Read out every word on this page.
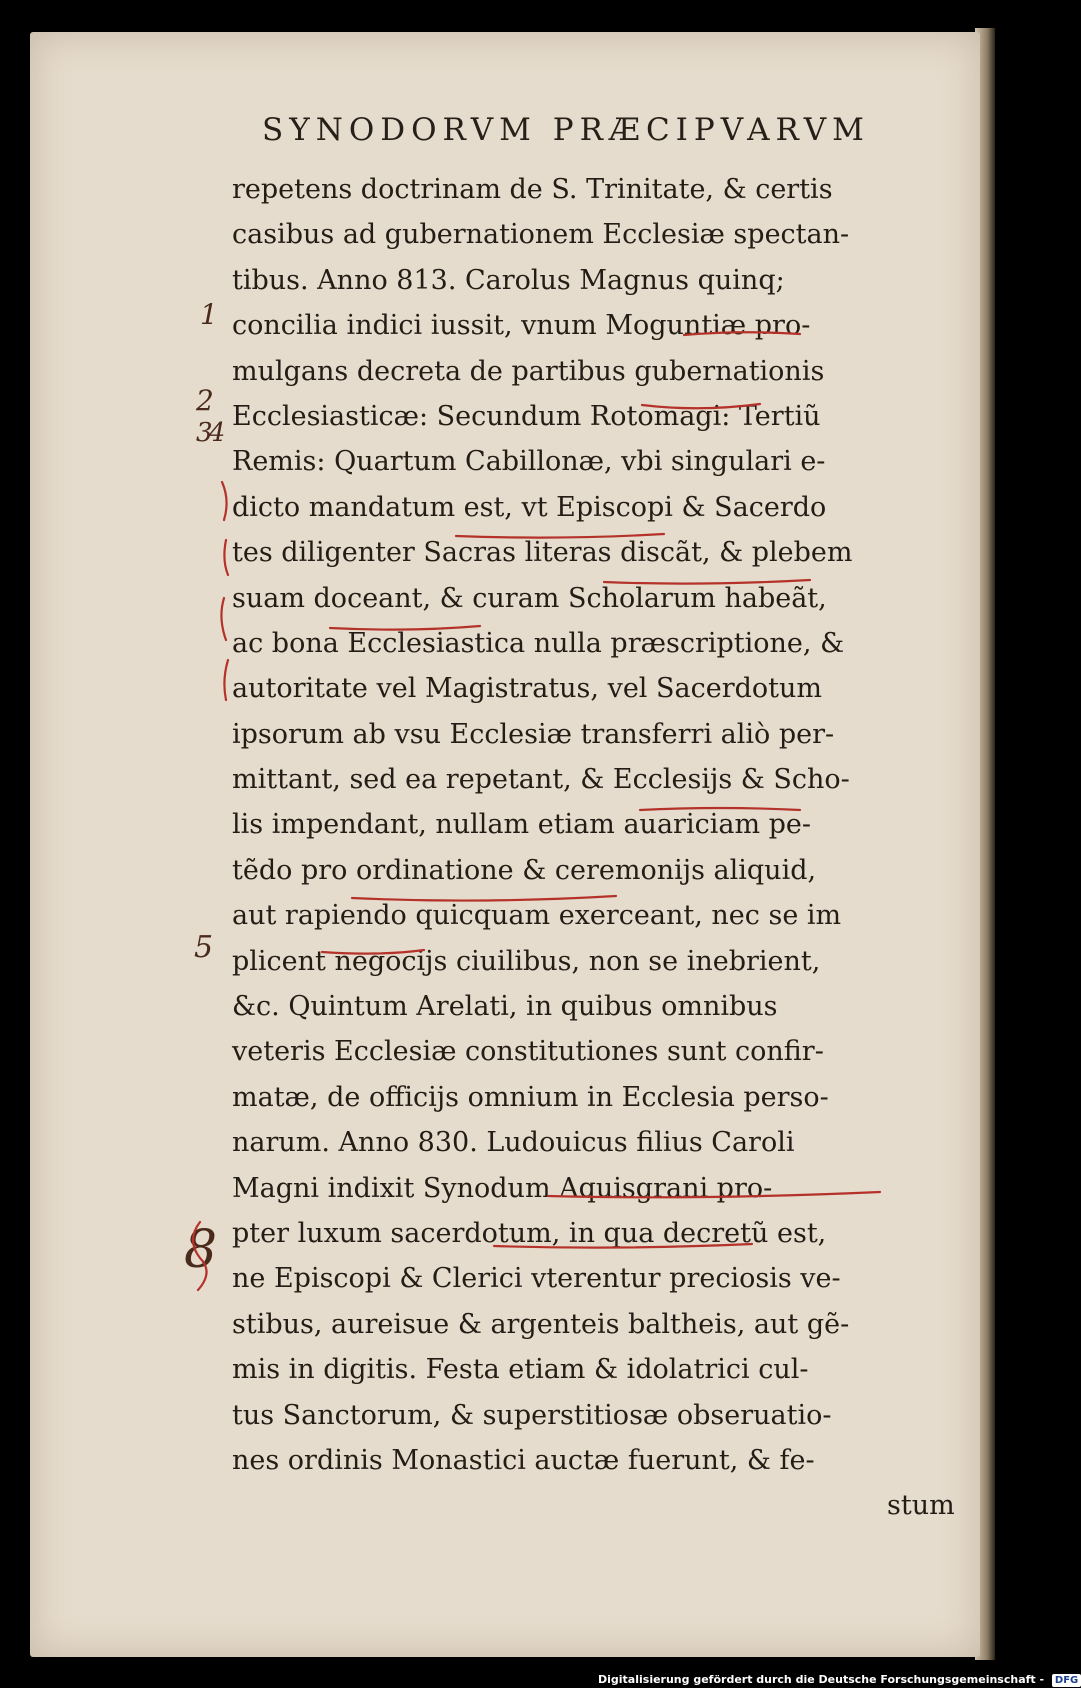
SYNODORVM PRÆCIPVARVM
repetens doctrinam de S. Trinitate, & certis
casibus ad gubernationem Ecclesiæ spectan-
tibus. Anno 813. Carolus Magnus quinq;
concilia indici iussit, vnum Moguntiæ pro-
mulgans decreta de partibus gubernationis
Ecclesiasticæ: Secundum Rotomagi: Tertiũ
Remis: Quartum Cabillonæ, vbi singulari e-
dicto mandatum est, vt Episcopi & Sacerdo
tes diligenter Sacras literas discãt, & plebem
suam doceant, & curam Scholarum habeãt,
ac bona Ecclesiastica nulla præscriptione, &
autoritate vel Magistratus, vel Sacerdotum
ipsorum ab vsu Ecclesiæ transferri aliò per-
mittant, sed ea repetant, & Ecclesijs & Scho-
lis impendant, nullam etiam auariciam pe-
tẽdo pro ordinatione & ceremonijs aliquid,
aut rapiendo quicquam exerceant, nec se im
plicent negocijs ciuilibus, non se inebrient,
&c. Quintum Arelati, in quibus omnibus
veteris Ecclesiæ constitutiones sunt confir-
matæ, de officijs omnium in Ecclesia perso-
narum. Anno 830. Ludouicus filius Caroli
Magni indixit Synodum Aquisgrani pro-
pter luxum sacerdotum, in qua decretũ est,
ne Episcopi & Clerici vterentur preciosis ve-
stibus, aureisue & argenteis baltheis, aut gẽ-
mis in digitis. Festa etiam & idolatrici cul-
tus Sanctorum, & superstitiosæ obseruatio-
nes ordinis Monastici auctæ fuerunt, & fe-
stum
1
2
3 4
5
8
Digitalisierung gefördert durch die Deutsche Forschungsgemeinschaft - DFG
